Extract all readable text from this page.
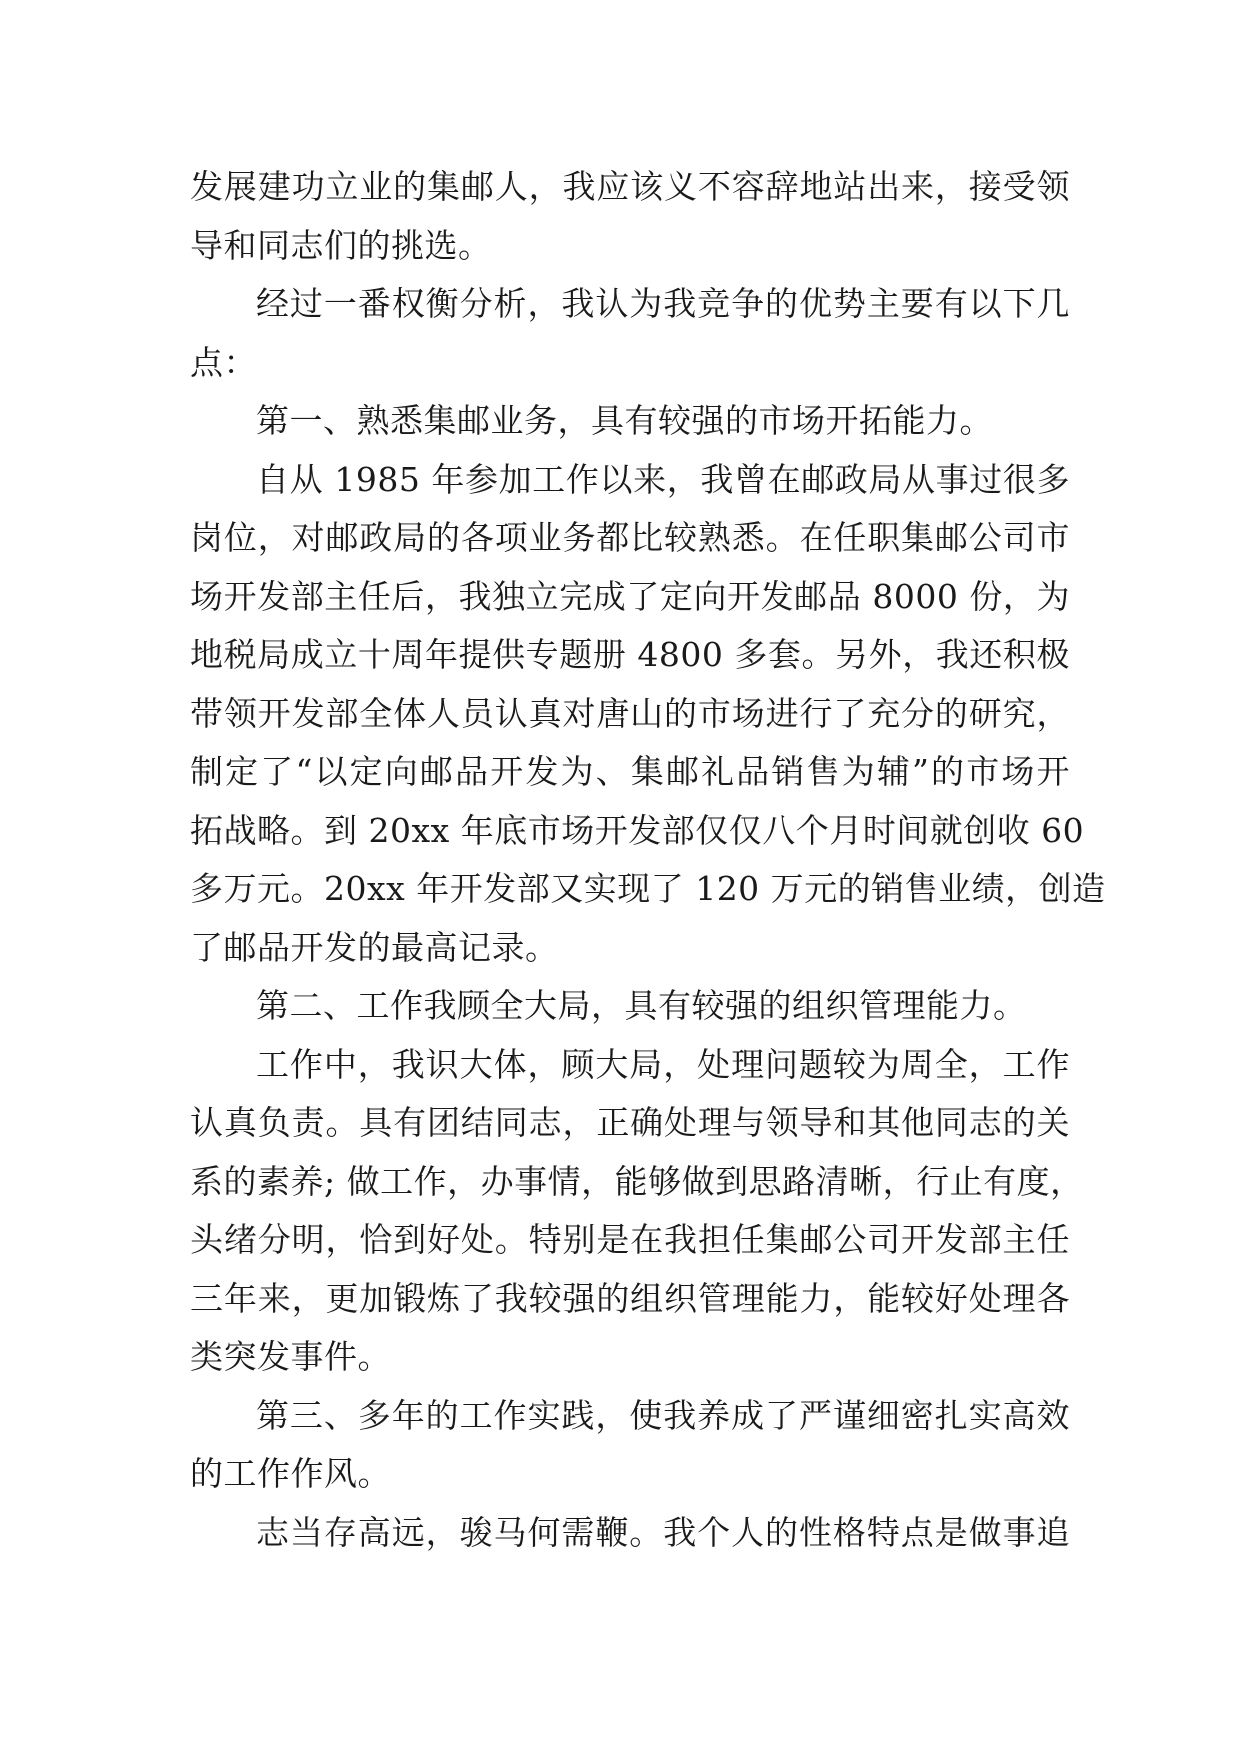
发展建功立业的集邮人，我应该义不容辞地站出来，接受领
导和同志们的挑选。
经过一番权衡分析，我认为我竞争的优势主要有以下几
点：
第一、熟悉集邮业务，具有较强的市场开拓能力。
自从 1985 年参加工作以来，我曾在邮政局从事过很多
岗位，对邮政局的各项业务都比较熟悉。在任职集邮公司市
场开发部主任后，我独立完成了定向开发邮品 8000 份，为
地税局成立十周年提供专题册 4800 多套。另外，我还积极
带领开发部全体人员认真对唐山的市场进行了充分的研究，
制定了“以定向邮品开发为、集邮礼品销售为辅”的市场开
拓战略。到 20xx 年底市场开发部仅仅八个月时间就创收 60
多万元。20xx 年开发部又实现了 120 万元的销售业绩，创造
了邮品开发的最高记录。
第二、工作我顾全大局，具有较强的组织管理能力。
工作中，我识大体，顾大局，处理问题较为周全，工作
认真负责。具有团结同志，正确处理与领导和其他同志的关
系的素养; 做工作，办事情，能够做到思路清晰，行止有度，
头绪分明，恰到好处。特别是在我担任集邮公司开发部主任
三年来，更加锻炼了我较强的组织管理能力，能较好处理各
类突发事件。
第三、多年的工作实践，使我养成了严谨细密扎实高效
的工作作风。
志当存高远，骏马何需鞭。我个人的性格特点是做事追
